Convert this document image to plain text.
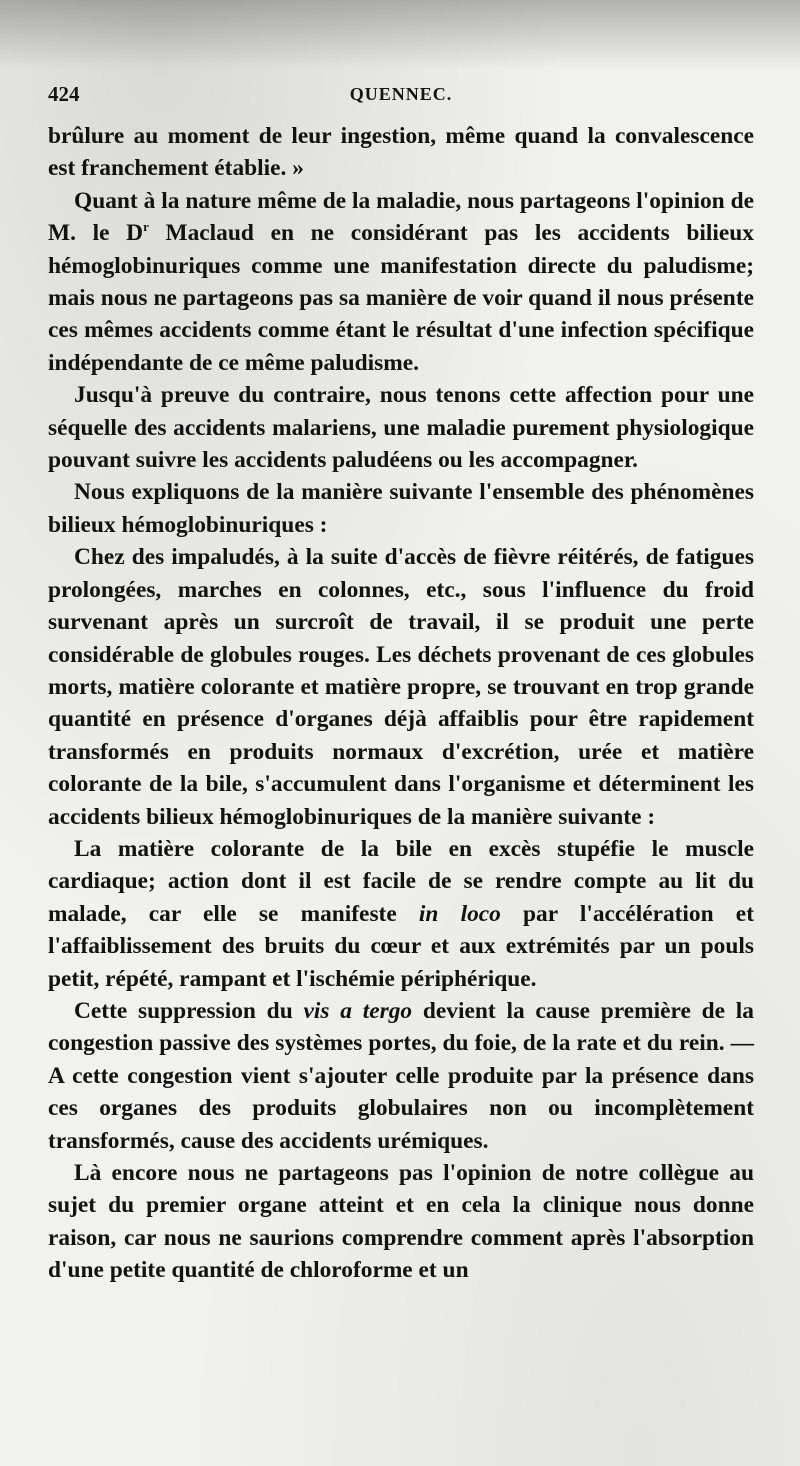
424	QUENNEC.

brûlure au moment de leur ingestion, même quand la convalescence est franchement établie. »

Quant à la nature même de la maladie, nous partageons l'opinion de M. le $D^r$ Maclaud en ne considérant pas les accidents bilieux hémoglobinuriques comme une manifestation directe du paludisme; mais nous ne partageons pas sa manière de voir quand il nous présente ces mêmes accidents comme étant le résultat d'une infection spécifique indépendante de ce même paludisme.

Jusqu'à preuve du contraire, nous tenons cette affection pour une séquelle des accidents malariens, une maladie purement physiologique pouvant suivre les accidents paludéens ou les accompagner.

Nous expliquons de la manière suivante l'ensemble des phénomènes bilieux hémoglobinuriques :

Chez des impaludés, à la suite d'accès de fièvre réitérés, de fatigues prolongées, marches en colonnes, etc., sous l'influence du froid survenant après un surcroît de travail, il se produit une perte considérable de globules rouges. Les déchets provenant de ces globules morts, matière colorante et matière propre, se trouvant en trop grande quantité en présence d'organes déjà affaiblis pour être rapidement transformés en produits normaux d'excrétion, urée et matière colorante de la bile, s'accumulent dans l'organisme et déterminent les accidents bilieux hémoglobinuriques de la manière suivante :

La matière colorante de la bile en excès stupéfie le muscle cardiaque; action dont il est facile de se rendre compte au lit du malade, car elle se manifeste in loco par l'accélération et l'affaiblissement des bruits du cœur et aux extrémités par un pouls petit, répété, rampant et l'ischémie périphérique.

Cette suppression du vis a tergo devient la cause première de la congestion passive des systèmes portes, du foie, de la rate et du rein. — A cette congestion vient s'ajouter celle produite par la présence dans ces organes des produits globulaires non ou incomplètement transformés, cause des accidents urémiques.

Là encore nous ne partageons pas l'opinion de notre collègue au sujet du premier organe atteint et en cela la clinique nous donne raison, car nous ne saurions comprendre comment après l'absorption d'une petite quantité de chloroforme et un
